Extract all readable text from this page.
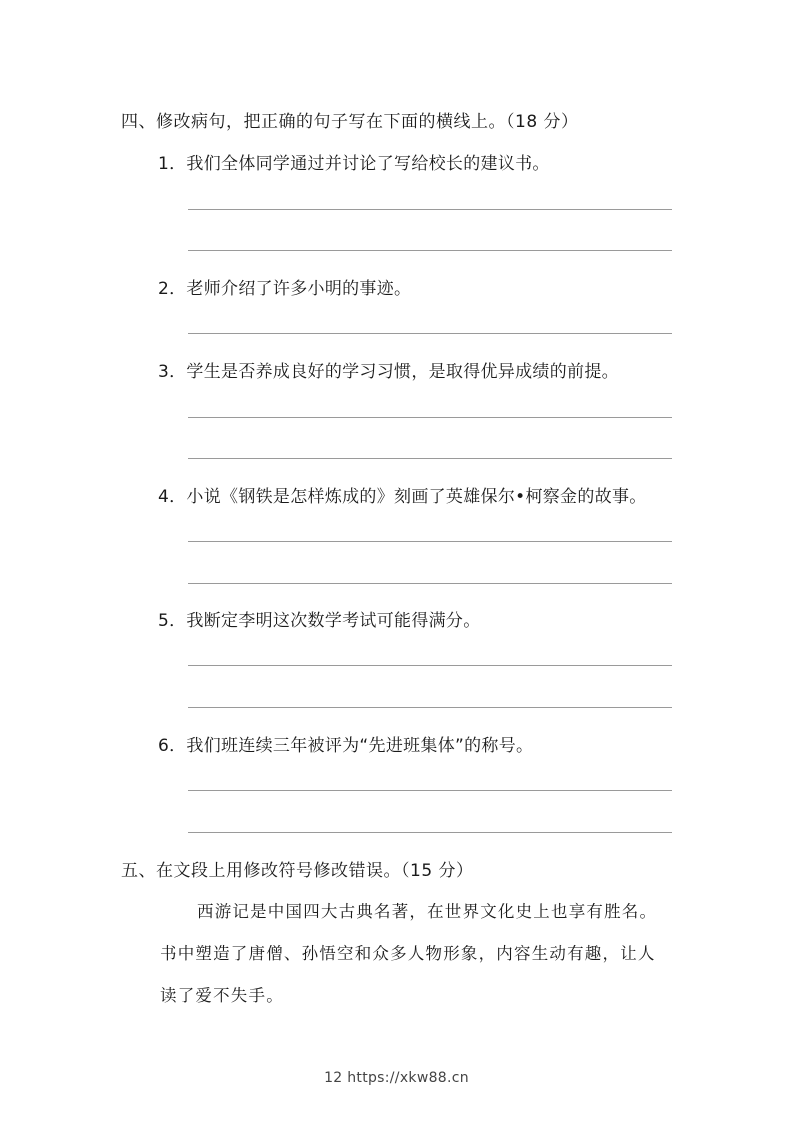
四、修改病句，把正确的句子写在下面的横线上。（18 分）
1．我们全体同学通过并讨论了写给校长的建议书。
2．老师介绍了许多小明的事迹。
3．学生是否养成良好的学习习惯，是取得优异成绩的前提。
4．小说《钢铁是怎样炼成的》刻画了英雄保尔•柯察金的故事。
5．我断定李明这次数学考试可能得满分。
6．我们班连续三年被评为“先进班集体”的称号。
五、在文段上用修改符号修改错误。（15 分）
西游记是中国四大古典名著，在世界文化史上也享有胜名。
书中塑造了唐僧、孙悟空和众多人物形象，内容生动有趣，让人
读了爱不失手。
12 https://xkw88.cn
